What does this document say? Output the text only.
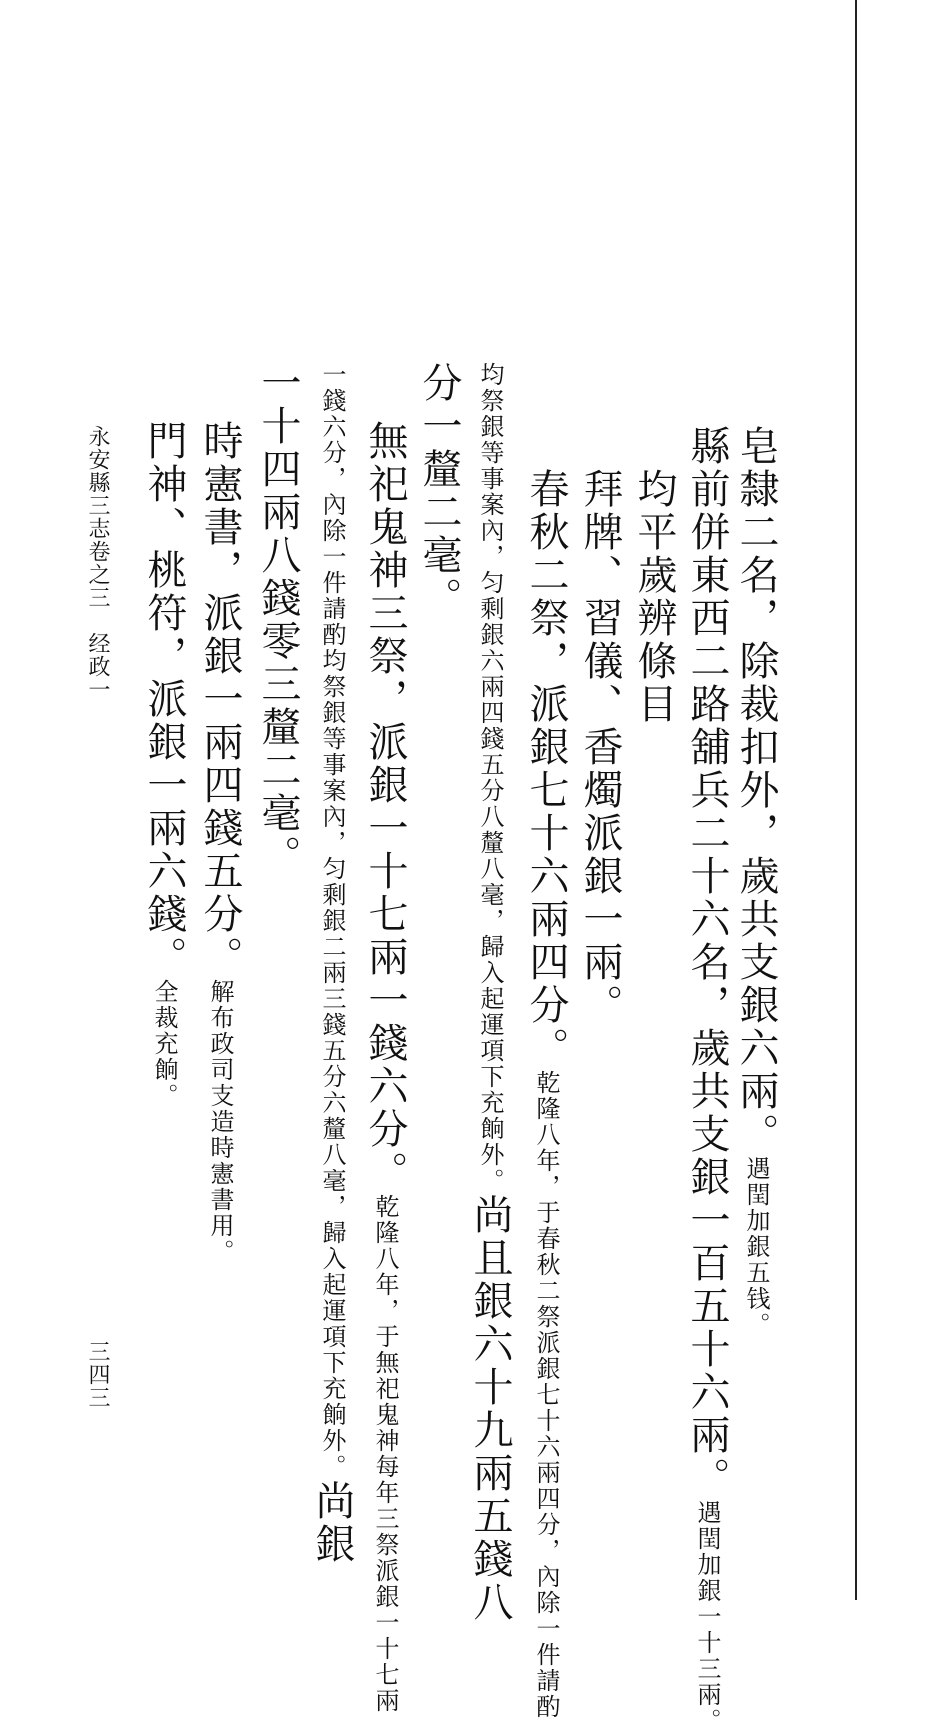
皂隸二名，除裁扣外，歲共支銀六兩。遇閏加銀五钱。
縣前併東西二路舖兵二十六名，歲共支銀一百五十六兩。遇閏加銀一十三兩。
均平歲辨條目
拜牌、習儀、香燭派銀一兩。
春秋二祭，派銀七十六兩四分。乾隆八年，于春秋二祭派銀七十六兩四分，內除一件請酌
均祭銀等事案內，匀剩銀六兩四錢五分八釐八毫，歸入起運項下充餉外。尚且銀六十九兩五錢八
分一釐二毫。
無祀鬼神三祭，派銀一十七兩一錢六分。乾隆八年，于無祀鬼神每年三祭派銀一十七兩
一錢六分，內除一件請酌均祭銀等事案內，匀剩銀二兩三錢五分六釐八毫，歸入起運項下充餉外。尚銀
一十四兩八錢零三釐二毫。
時憲書，派銀一兩四錢五分。解布政司支造時憲書用。
門神、桃符，派銀一兩六錢。全裁充餉。
永安縣三志卷之三　经政一
三四三
